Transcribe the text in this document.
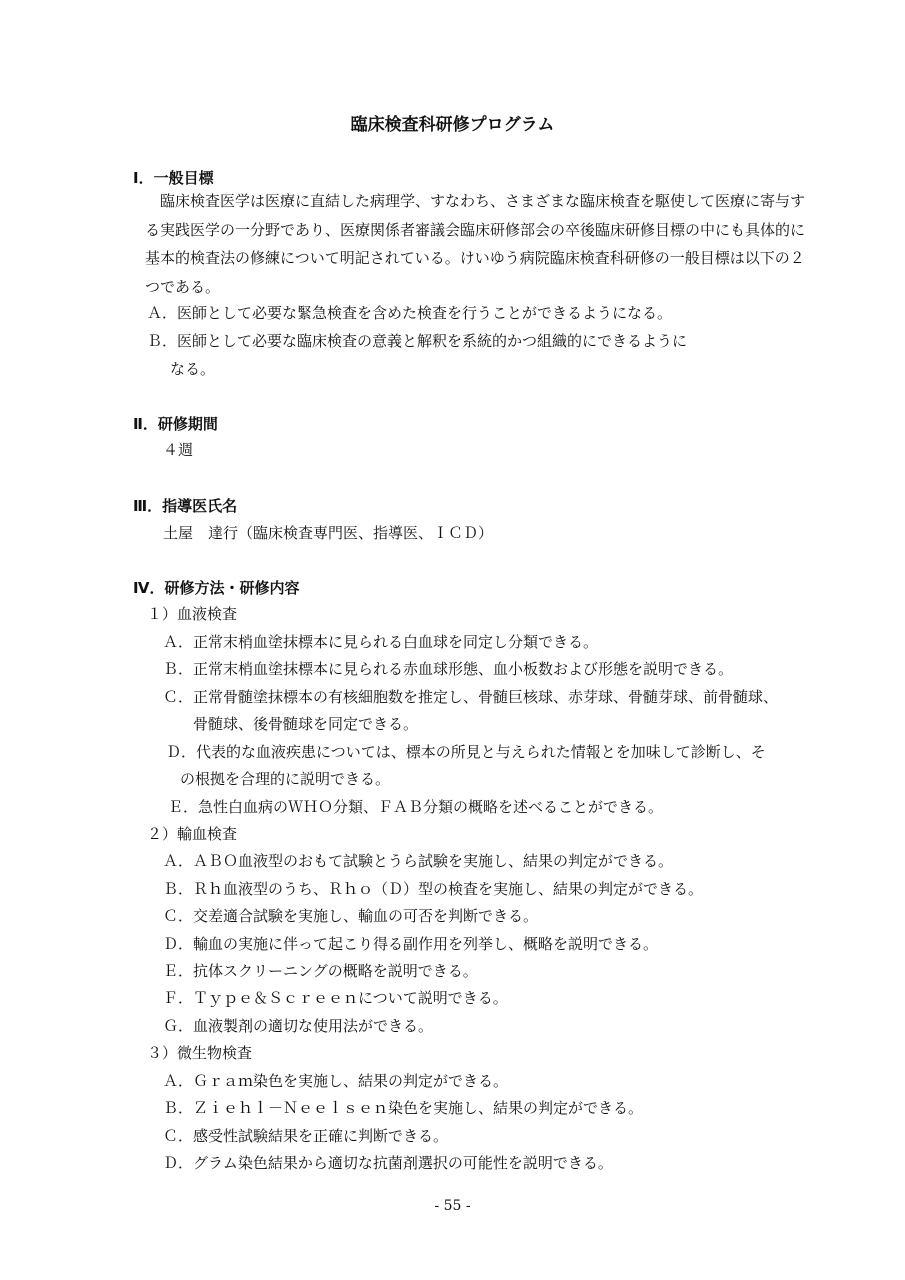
臨床検査科研修プログラム
Ⅰ．一般目標
臨床検査医学は医療に直結した病理学、すなわち、さまざまな臨床検査を駆使して医療に寄与する実践医学の一分野であり、医療関係者審議会臨床研修部会の卒後臨床研修目標の中にも具体的に基本的検査法の修練について明記されている。けいゆう病院臨床検査科研修の一般目標は以下の２つである。
Ａ．医師として必要な緊急検査を含めた検査を行うことができるようになる。
Ｂ．医師として必要な臨床検査の意義と解釈を系統的かつ組織的にできるように
なる。
Ⅱ．研修期間
４週
Ⅲ．指導医氏名
土屋　達行（臨床検査専門医、指導医、ＩＣＤ）
Ⅳ．研修方法・研修内容
１）血液検査
Ａ．正常末梢血塗抹標本に見られる白血球を同定し分類できる。
Ｂ．正常末梢血塗抹標本に見られる赤血球形態、血小板数および形態を説明できる。
Ｃ．正常骨髄塗抹標本の有核細胞数を推定し、骨髄巨核球、赤芽球、骨髄芽球、前骨髄球、
骨髄球、後骨髄球を同定できる。
Ｄ．代表的な血液疾患については、標本の所見と与えられた情報とを加味して診断し、そ
の根拠を合理的に説明できる。
Ｅ．急性白血病のＷＨＯ分類、ＦＡＢ分類の概略を述べることができる。
２）輸血検査
Ａ．ＡＢＯ血液型のおもて試験とうら試験を実施し、結果の判定ができる。
Ｂ．Ｒｈ血液型のうち、Ｒｈｏ（Ｄ）型の検査を実施し、結果の判定ができる。
Ｃ．交差適合試験を実施し、輸血の可否を判断できる。
Ｄ．輸血の実施に伴って起こり得る副作用を列挙し、概略を説明できる。
Ｅ．抗体スクリーニングの概略を説明できる。
Ｆ．Ｔｙｐｅ＆Ｓｃｒｅｅｎについて説明できる。
Ｇ．血液製剤の適切な使用法ができる。
３）微生物検査
Ａ．Ｇｒａｍ染色を実施し、結果の判定ができる。
Ｂ．Ｚｉｅｈｌ－Ｎｅｅｌｓｅｎ染色を実施し、結果の判定ができる。
Ｃ．感受性試験結果を正確に判断できる。
Ｄ．グラム染色結果から適切な抗菌剤選択の可能性を説明できる。
- 55 -
